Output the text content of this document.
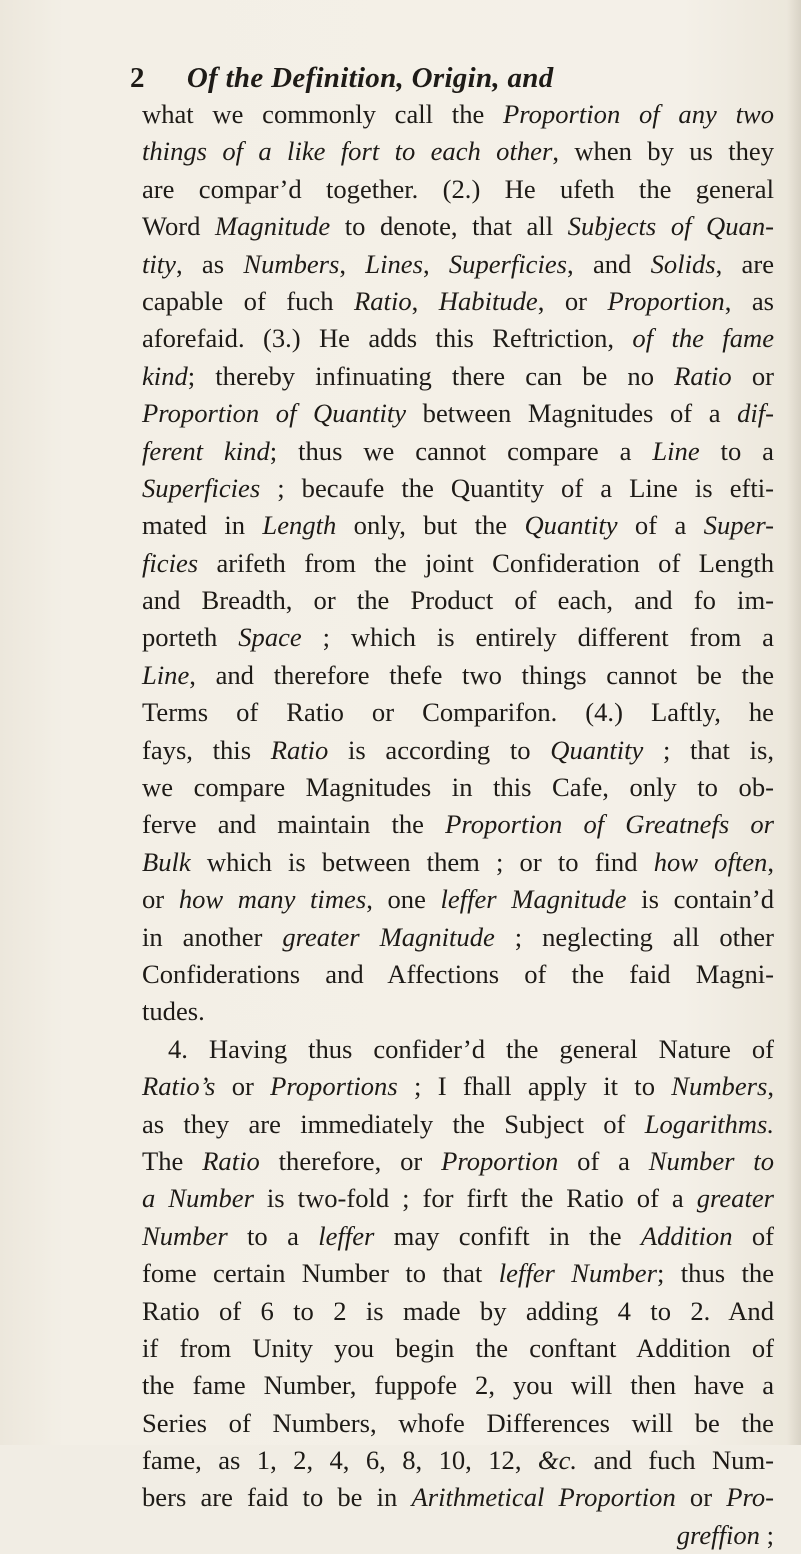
2 Of the Definition, Origin, and
what we commonly call the Proportion of any two
things of a like fort to each other, when by us they
are compar’d together. (2.) He ufeth the general
Word Magnitude to denote, that all Subjects of Quan-
tity, as Numbers, Lines, Superficies, and Solids, are
capable of fuch Ratio, Habitude, or Proportion, as
aforefaid. (3.) He adds this Reftriction, of the fame
kind; thereby infinuating there can be no Ratio or
Proportion of Quantity between Magnitudes of a dif-
ferent kind; thus we cannot compare a Line to a
Superficies ; becaufe the Quantity of a Line is efti-
mated in Length only, but the Quantity of a Super-
ficies arifeth from the joint Confideration of Length
and Breadth, or the Product of each, and fo im-
porteth Space ; which is entirely different from a
Line, and therefore thefe two things cannot be the
Terms of Ratio or Comparifon. (4.) Laftly, he
fays, this Ratio is according to Quantity ; that is,
we compare Magnitudes in this Cafe, only to ob-
ferve and maintain the Proportion of Greatnefs or
Bulk which is between them ; or to find how often,
or how many times, one leffer Magnitude is contain’d
in another greater Magnitude ; neglecting all other
Confiderations and Affections of the faid Magni-
tudes.
4. Having thus confider’d the general Nature of
Ratio’s or Proportions ; I fhall apply it to Numbers,
as they are immediately the Subject of Logarithms.
The Ratio therefore, or Proportion of a Number to
a Number is two-fold ; for firft the Ratio of a greater
Number to a leffer may confift in the Addition of
fome certain Number to that leffer Number; thus the
Ratio of 6 to 2 is made by adding 4 to 2. And
if from Unity you begin the conftant Addition of
the fame Number, fuppofe 2, you will then have a
Series of Numbers, whofe Differences will be the
fame, as 1, 2, 4, 6, 8, 10, 12, &c. and fuch Num-
bers are faid to be in Arithmetical Proportion or Pro-
greffion ;
